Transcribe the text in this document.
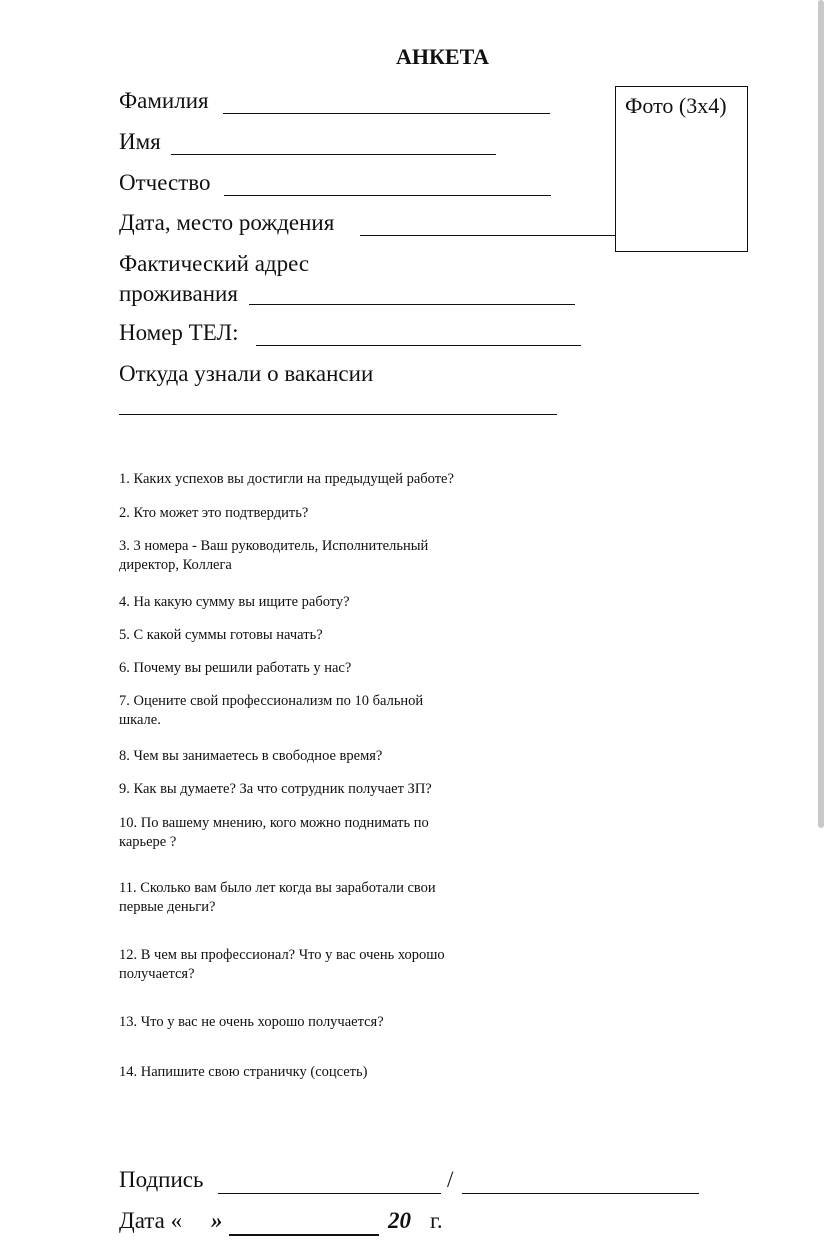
АНКЕТА
Фото (3х4)
Фамилия
Имя
Отчество
Дата, место рождения
Фактический адрес
проживания
Номер ТЕЛ:
Откуда узнали о вакансии
1. Каких успехов вы достигли на предыдущей работе?
2. Кто может это подтвердить?
3. 3 номера - Ваш руководитель, Исполнительный
директор, Коллега
4. На какую сумму вы ищите работу?
5. С какой суммы готовы начать?
6. Почему вы решили работать у нас?
7. Оцените свой профессионализм по 10 бальной
шкале.
8. Чем вы занимаетесь в свободное время?
9. Как вы думаете? За что сотрудник получает ЗП?
10. По вашему мнению, кого можно поднимать по
карьере ?
11. Сколько вам было лет когда вы заработали свои
первые деньги?
12. В чем вы профессионал? Что у вас очень хорошо
получается?
13. Что у вас не очень хорошо получается?
14. Напишите свою страничку (соцсеть)
Подпись	/
Дата « »	20 г.
